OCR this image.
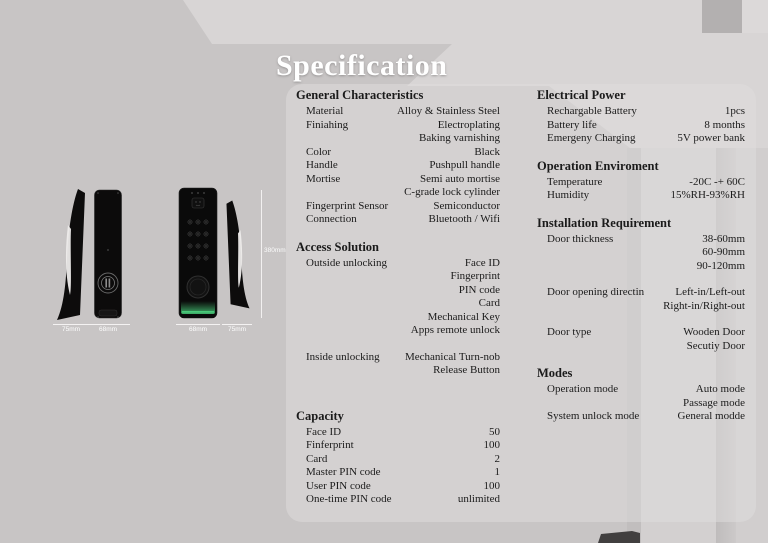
Specification
75mm	68mm	68mm	75mm
380mm
General Characteristics
Material	Alloy & Stainless Steel
Finiahing	Electroplating
Baking varnishing
Color	Black
Handle	Pushpull handle
Mortise	Semi auto mortise
C-grade lock cylinder
Fingerprint Sensor	Semiconductor
Connection	Bluetooth / Wifi
Access Solution
Outside unlocking	Face ID
Fingerprint
PIN code
Card
Mechanical Key
Apps remote unlock
Inside unlocking	Mechanical Turn-nob
Release Button
Capacity
Face ID	50
Finferprint	100
Card	2
Master PIN code	1
User PIN code	100
One-time PIN code	unlimited
Electrical Power
Rechargable Battery	1pcs
Battery life	8 months
Emergeny Charging	5V power bank
Operation Enviroment
Temperature	-20C -+ 60C
Humidity	15%RH-93%RH
Installation Requirement
Door thickness	38-60mm
60-90mm
90-120mm
Door opening directin	Left-in/Left-out
Right-in/Right-out
Door type	Wooden Door
Secutiy Door
Modes
Operation mode	Auto mode
Passage mode
System unlock mode	General modde
